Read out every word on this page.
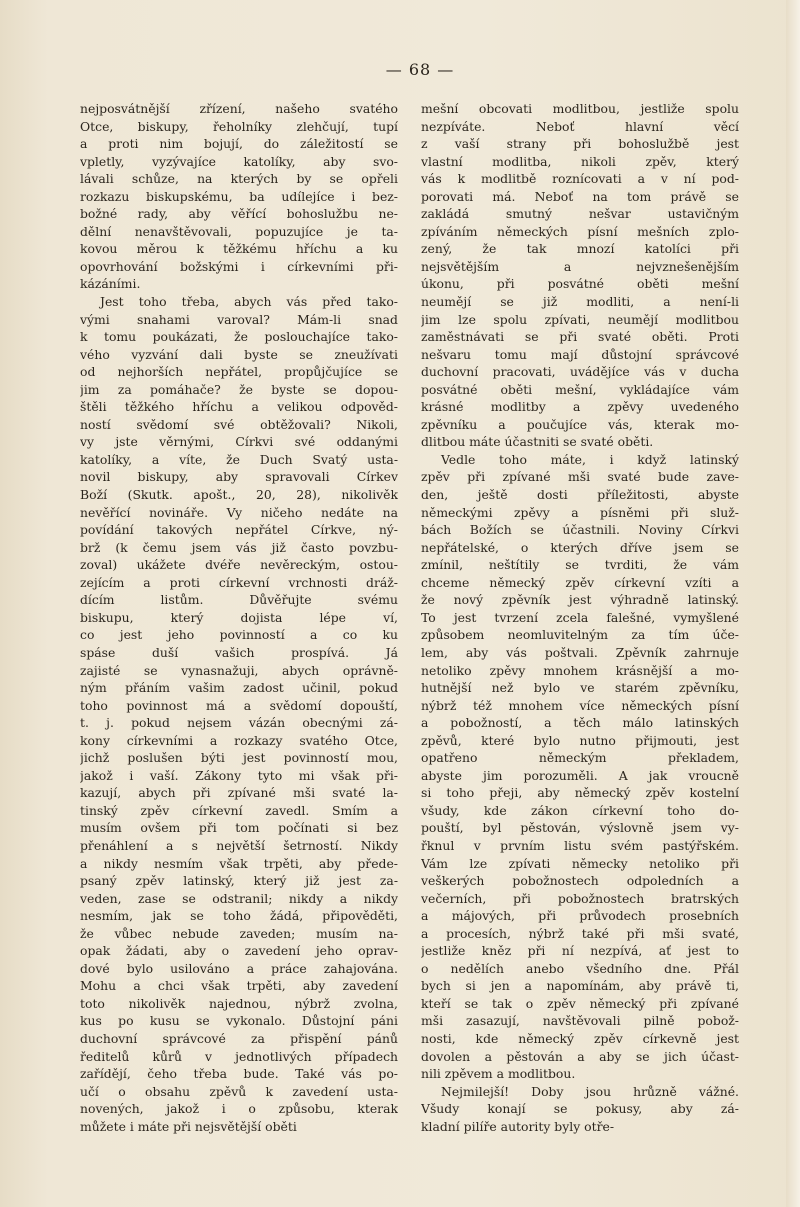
— 68 —

nejposvátnější zřízení, našeho svatého
Otce, biskupy, řeholníky zlehčují, tupí
a proti nim bojují, do záležitostí se
vpletly, vyzývajíce katolíky, aby svo-
lávali schůze, na kterých by se opřeli
rozkazu biskupskému, ba udílejíce i bez-
božné rady, aby věřící bohoslužbu ne-
dělní nenavštěvovali, popuzujíce je ta-
kovou měrou k těžkému hříchu a ku
opovrhování božskými i církevními při-
kázáními.

Jest toho třeba, abych vás před tako-
vými snahami varoval? Mám-li snad
k tomu poukázati, že poslouchajíce tako-
vého vyzvání dali byste se zneužívati
od nejhorších nepřátel, propůjčujíce se
jim za pomáhače? že byste se dopou-
štěli těžkého hříchu a velikou odpověd-
ností svědomí své obtěžovali? Nikoli,
vy jste věrnými, Církvi své oddanými
katolíky, a víte, že Duch Svatý usta-
novil biskupy, aby spravovali Církev
Boží (Skutk. apošt., 20, 28), nikolivěk
nevěřící novináře. Vy ničeho nedáte na
povídání takových nepřátel Církve, ný-
brž (k čemu jsem vás již často povzbu-
zoval) ukážete dvéře nevěreckým, ostou-
zejícím a proti církevní vrchnosti dráž-
dícím listům. Důvěřujte svému
biskupu, který dojista lépe ví,
co jest jeho povinností a co ku
spáse duší vašich prospívá. Já
zajisté se vynasnažuji, abych oprávně-
ným přáním vašim zadost učinil, pokud
toho povinnost má a svědomí dopouští,
t. j. pokud nejsem vázán obecnými zá-
kony církevními a rozkazy svatého Otce,
jichž poslušen býti jest povinností mou,
jakož i vaší. Zákony tyto mi však při-
kazují, abych při zpívané mši svaté la-
tinský zpěv církevní zavedl. Smím a
musím ovšem při tom počínati si bez
přenáhlení a s největší šetrností. Nikdy
a nikdy nesmím však trpěti, aby přede-
psaný zpěv latinský, který již jest za-
veden, zase se odstranil; nikdy a nikdy
nesmím, jak se toho žádá, připověděti,
že vůbec nebude zaveden; musím na-
opak žádati, aby o zavedení jeho oprav-
dové bylo usilováno a práce zahajována.
Mohu a chci však trpěti, aby zavedení
toto nikolivěk najednou, nýbrž zvolna,
kus po kusu se vykonalo. Důstojní páni
duchovní správcové za přispění pánů
ředitelů kůrů v jednotlivých případech
zařídějí, čeho třeba bude. Také vás po-
učí o obsahu zpěvů k zavedení usta-
novených, jakož i o způsobu, kterak
můžete i máte při nejsvětější oběti

mešní obcovati modlitbou, jestliže spolu
nezpíváte. Neboť hlavní věcí
z vaší strany při bohoslužbě jest
vlastní modlitba, nikoli zpěv, který
vás k modlitbě roznícovati a v ní pod-
porovati má. Neboť na tom právě se
zakládá smutný nešvar ustavičným
zpíváním německých písní mešních zplo-
zený, že tak mnozí katolíci při
nejsvětějším a nejvznešenějším
úkonu, při posvátné oběti mešní
neumějí se již modliti, a není-li
jim lze spolu zpívati, neumějí modlitbou
zaměstnávati se při svaté oběti. Proti
nešvaru tomu mají důstojní správcové
duchovní pracovati, uvádějíce vás v ducha
posvátné oběti mešní, vykládajíce vám
krásné modlitby a zpěvy uvedeného
zpěvníku a poučujíce vás, kterak mo-
dlitbou máte účastniti se svaté oběti.

Vedle toho máte, i když latinský
zpěv při zpívané mši svaté bude zave-
den, ještě dosti příležitosti, abyste
německými zpěvy a písněmi při služ-
bách Božích se účastnili. Noviny Církvi
nepřátelské, o kterých dříve jsem se
zmínil, neštítily se tvrditi, že vám
chceme německý zpěv církevní vzíti a
že nový zpěvník jest výhradně latinský.
To jest tvrzení zcela falešné, vymyšlené
způsobem neomluvitelným za tím úče-
lem, aby vás poštvali. Zpěvník zahrnuje
netoliko zpěvy mnohem krásnější a mo-
hutnější než bylo ve starém zpěvníku,
nýbrž též mnohem více německých písní
a pobožností, a těch málo latinských
zpěvů, které bylo nutno přijmouti, jest
opatřeno německým překladem,
abyste jim porozuměli. A jak vroucně
si toho přeji, aby německý zpěv kostelní
všudy, kde zákon církevní toho do-
pouští, byl pěstován, výslovně jsem vy-
řknul v prvním listu svém pastýřském.
Vám lze zpívati německy netoliko při
veškerých pobožnostech odpoledních a
večerních, při pobožnostech bratrských
a májových, při průvodech prosebních
a procesích, nýbrž také při mši svaté,
jestliže kněz při ní nezpívá, ať jest to
o nedělích anebo všedního dne. Přál
bych si jen a napomínám, aby právě ti,
kteří se tak o zpěv německý při zpívané
mši zasazují, navštěvovali pilně pobož-
nosti, kde německý zpěv církevně jest
dovolen a pěstován a aby se jich účast-
nili zpěvem a modlitbou.

Nejmilejší! Doby jsou hrůzně vážné.
Všudy konají se pokusy, aby zá-
kladní pilíře autority byly otře-
